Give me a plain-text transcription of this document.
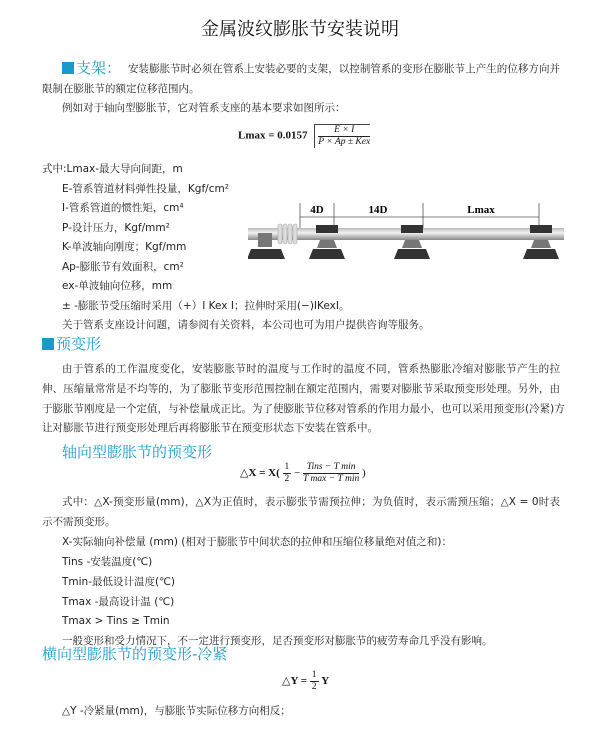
金属波纹膨胀节安装说明
支架： 安装膨胀节时必须在管系上安装必要的支架，以控制管系的变形在膨胀节上产生的位移方向并
限制在膨胀节的额定位移范围内。
例如对于轴向型膨胀节，它对管系支座的基本要求如图所示：
$Lmax = 0.0157 \frac{E \times I}{\text{P × Ap ± Kex}}$
式中:Lmax-最大导向间距，m
E-管系管道材料弹性投量，Kgf/cm²
I-管系管道的惯性矩，cm⁴
P-设计压力，Kgf/mm²
K-单波轴向刚度；Kgf/mm
Ap-膨胀节有效面积，cm²
ex-单波轴向位移，mm
± -膨胀节受压缩时采用（+）I Kex I；拉伸时采用(−)IKexI。
关于管系支座设计问题，请参阅有关资料，本公司也可为用户提供咨询等服务。
4D	14D	Lmax
预变形
由于管系的工作温度变化，安装膨胀节时的温度与工作时的温度不同，管系热膨胀冷缩对膨胀节产生的拉
伸、压缩量常常是不均等的，为了膨胀节变形范围控制在额定范围内，需要对膨胀节采取预变形处理。另外，由
于膨胀节刚度是一个定值，与补偿量成正比。为了使膨胀节位移对管系的作用力最小，也可以采用预变形(冷紧)方
让对膨胀节进行预变形处理后再将膨胀节在预变形状态下安装在管系中。
轴向型膨胀节的预变形
△X = $X( \frac{1}{2} - \frac{\text{Tins − T min}}{\text{T max − T min}}$ )
式中：△X-预变形量(mm)，△X为正值时，表示膨张节需预拉伸；为负值时，表示需预压缩；△X = 0时表
示不需预变形。
X-实际轴向补偿量 (mm) (相对于膨胀节中间状态的拉伸和压缩位移量绝对值之和)：
Tins -安装温度(℃)
Tmin-最低设计温度(℃)
Tmax -最高设计温 (℃)
Tmax > Tins ≥ Tmin
一般变形和受力情况下，不一定进行预变形，足否预变形对膨胀节的疲劳寿命几乎没有影响。
横向型膨胀节的预变形-冷紧
△Y = $\frac{1}{2}$ Y
△Y -冷紧量(mm)，与膨胀节实际位移方向相反；
